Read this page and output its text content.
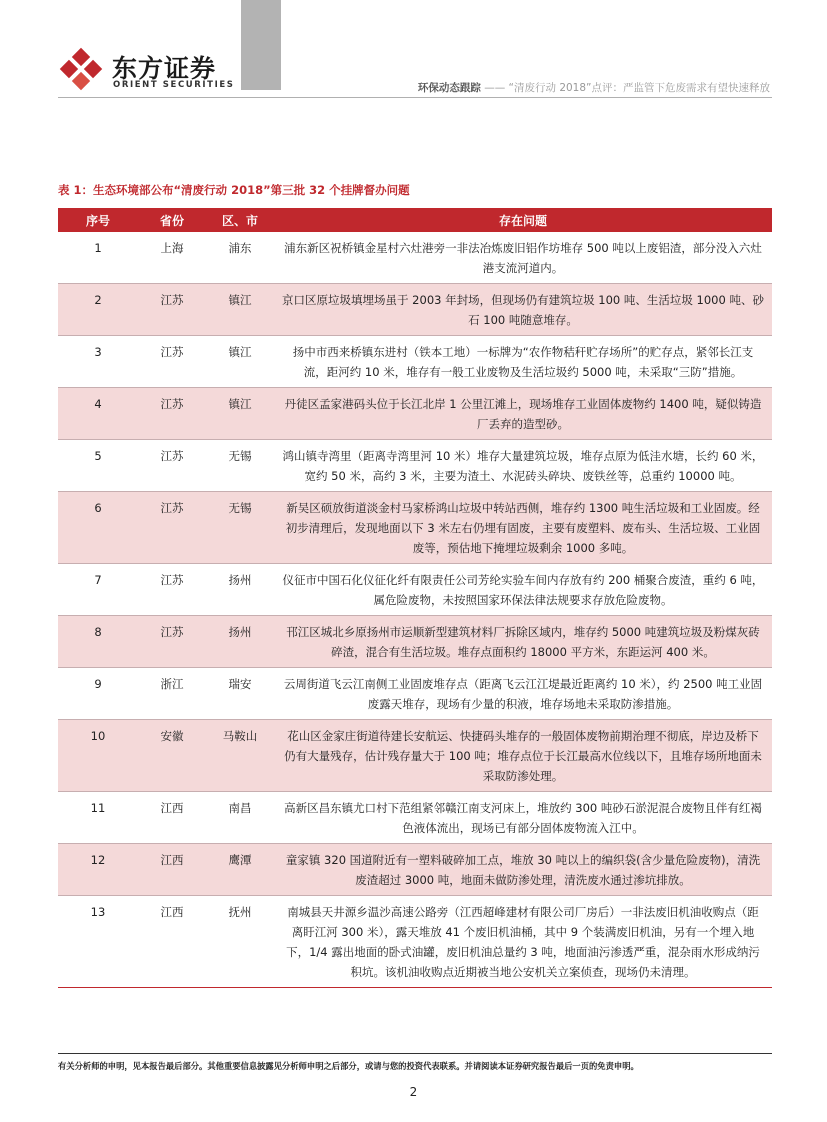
东方证券
ORIENT SECURITIES	环保动态跟踪 —— “清废行动 2018”点评：严监管下危废需求有望快速释放
表 1：生态环境部公布“清废行动 2018”第三批 32 个挂牌督办问题
序号	省份	区、市	存在问题
1	上海	浦东	浦东新区祝桥镇金星村六灶港旁一非法冶炼废旧铝作坊堆存 500 吨以上废铝渣，部分没入六灶港支流河道内。
2	江苏	镇江	京口区原垃圾填埋场虽于 2003 年封场，但现场仍有建筑垃圾 100 吨、生活垃圾 1000 吨、砂石 100 吨随意堆存。
3	江苏	镇江	扬中市西来桥镇东进村（铁本工地）一标牌为“农作物秸秆贮存场所”的贮存点，紧邻长江支流，距河约 10 米，堆存有一般工业废物及生活垃圾约 5000 吨，未采取“三防”措施。
4	江苏	镇江	丹徒区孟家港码头位于长江北岸 1 公里江滩上，现场堆存工业固体废物约 1400 吨，疑似铸造厂丢弃的造型砂。
5	江苏	无锡	鸿山镇寺湾里（距离寺湾里河 10 米）堆存大量建筑垃圾，堆存点原为低洼水塘，长约 60 米，宽约 50 米，高约 3 米，主要为渣土、水泥砖头碎块、废铁丝等，总重约 10000 吨。
6	江苏	无锡	新吴区硕放街道淡金村马家桥鸿山垃圾中转站西侧，堆存约 1300 吨生活垃圾和工业固废。经初步清理后，发现地面以下 3 米左右仍埋有固废，主要有废塑料、废布头、生活垃圾、工业固废等，预估地下掩埋垃圾剩余 1000 多吨。
7	江苏	扬州	仪征市中国石化仪征化纤有限责任公司芳纶实验车间内存放有约 200 桶聚合废渣，重约 6 吨，属危险废物，未按照国家环保法律法规要求存放危险废物。
8	江苏	扬州	邗江区城北乡原扬州市运顺新型建筑材料厂拆除区域内，堆存约 5000 吨建筑垃圾及粉煤灰砖碎渣，混合有生活垃圾。堆存点面积约 18000 平方米，东距运河 400 米。
9	浙江	瑞安	云周街道飞云江南侧工业固废堆存点（距离飞云江江堤最近距离约 10 米），约 2500 吨工业固废露天堆存，现场有少量的积液，堆存场地未采取防渗措施。
10	安徽	马鞍山	花山区金家庄街道待建长安航运、快捷码头堆存的一般固体废物前期治理不彻底，岸边及桥下仍有大量残存，估计残存量大于 100 吨；堆存点位于长江最高水位线以下，且堆存场所地面未采取防渗处理。
11	江西	南昌	高新区昌东镇尤口村下范组紧邻赣江南支河床上，堆放约 300 吨砂石淤泥混合废物且伴有红褐色液体流出，现场已有部分固体废物流入江中。
12	江西	鹰潭	童家镇 320 国道附近有一塑料破碎加工点，堆放 30 吨以上的编织袋(含少量危险废物)，清洗废渣超过 3000 吨，地面未做防渗处理，清洗废水通过渗坑排放。
13	江西	抚州	南城县天井源乡温沙高速公路旁（江西超峰建材有限公司厂房后）一非法废旧机油收购点（距离盱江河 300 米），露天堆放 41 个废旧机油桶，其中 9 个装满废旧机油，另有一个埋入地下，1/4 露出地面的卧式油罐，废旧机油总量约 3 吨，地面油污渗透严重，混杂雨水形成纳污积坑。该机油收购点近期被当地公安机关立案侦查，现场仍未清理。
有关分析师的申明，见本报告最后部分。其他重要信息披露见分析师申明之后部分，或请与您的投资代表联系。并请阅读本证券研究报告最后一页的免责申明。
2
